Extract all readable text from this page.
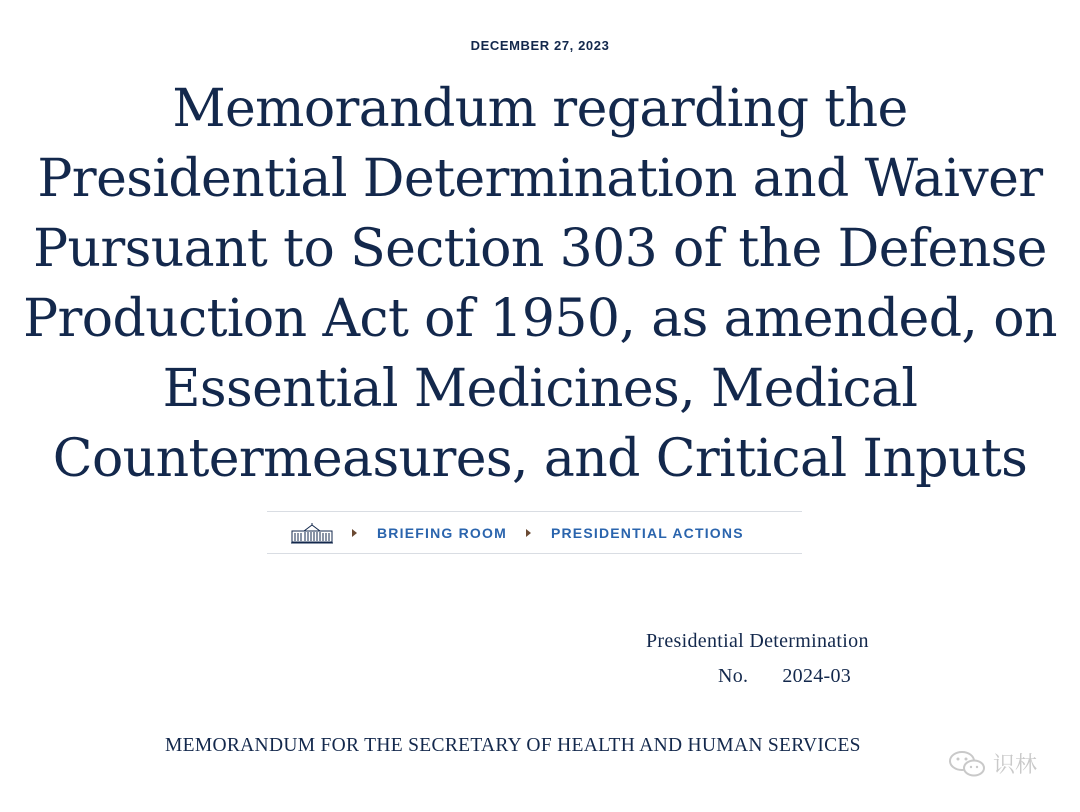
DECEMBER 27, 2023
Memorandum regarding the Presidential Determination and Waiver Pursuant to Section 303 of the Defense Production Act of 1950, as amended, on Essential Medicines, Medical Countermeasures, and Critical Inputs
BRIEFING ROOM	PRESIDENTIAL ACTIONS
Presidential Determination
No. 2024-03
MEMORANDUM FOR THE SECRETARY OF HEALTH AND HUMAN SERVICES
识林
